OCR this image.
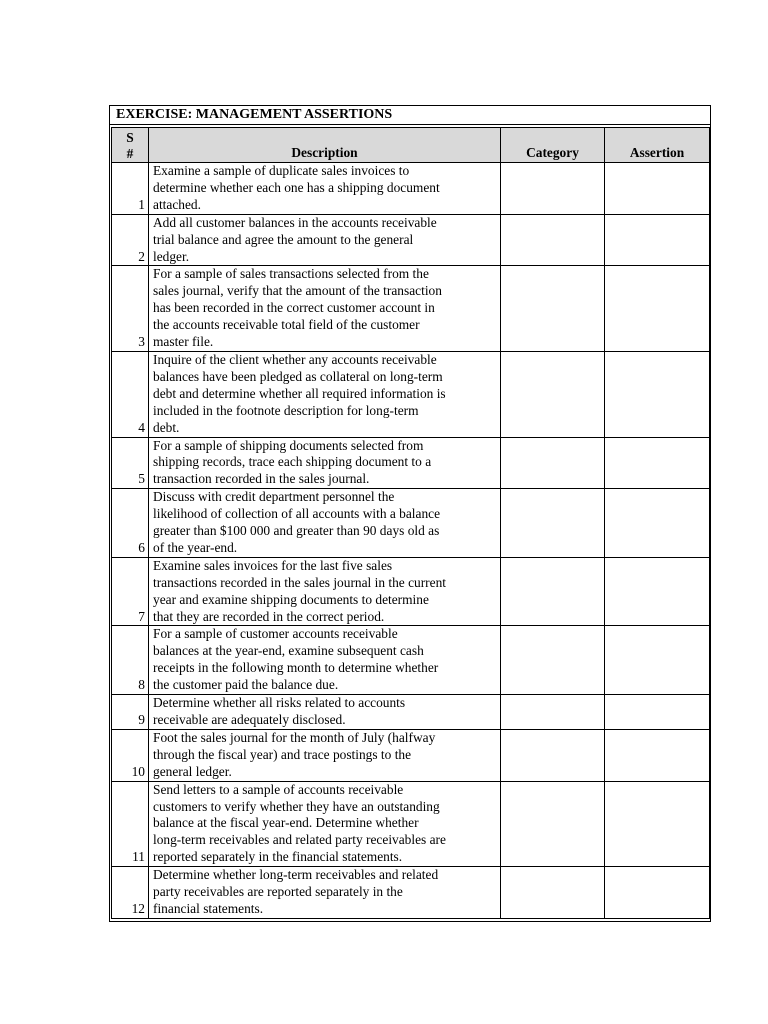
EXERCISE: MANAGEMENT ASSERTIONS
S
#	Description	Category	Assertion
1	Examine a sample of duplicate sales invoices to
determine whether each one has a shipping document
attached.		

2	Add all customer balances in the accounts receivable
trial balance and agree the amount to the general
ledger.		

3	For a sample of sales transactions selected from the
sales journal, verify that the amount of the transaction
has been recorded in the correct customer account in
the accounts receivable total field of the customer
master file.		

4	Inquire of the client whether any accounts receivable
balances have been pledged as collateral on long-term
debt and determine whether all required information is
included in the footnote description for long-term
debt.		

5	For a sample of shipping documents selected from
shipping records, trace each shipping document to a
transaction recorded in the sales journal.		

6	Discuss with credit department personnel the
likelihood of collection of all accounts with a balance
greater than $100 000 and greater than 90 days old as
of the year-end.		

7	Examine sales invoices for the last five sales
transactions recorded in the sales journal in the current
year and examine shipping documents to determine
that they are recorded in the correct period.		

8	For a sample of customer accounts receivable
balances at the year-end, examine subsequent cash
receipts in the following month to determine whether
the customer paid the balance due.		

9	Determine whether all risks related to accounts
receivable are adequately disclosed.		

10	Foot the sales journal for the month of July (halfway
through the fiscal year) and trace postings to the
general ledger.		

11	Send letters to a sample of accounts receivable
customers to verify whether they have an outstanding
balance at the fiscal year-end. Determine whether
long-term receivables and related party receivables are
reported separately in the financial statements.		

12	Determine whether long-term receivables and related
party receivables are reported separately in the
financial statements.		
